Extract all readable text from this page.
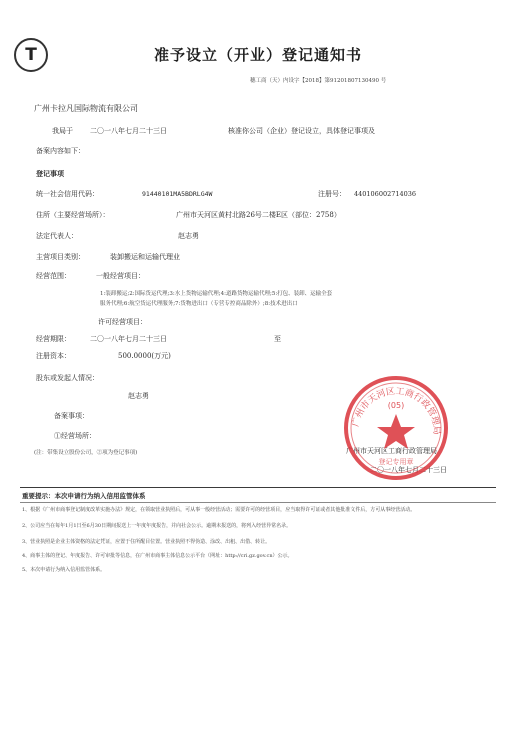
T	准予设立（开业）登记通知书
穗工商（天）内设字【2018】第91201807130490 号
广州卡拉凡国际物流有限公司
我局于 二〇一八年七月二十三日	核准你公司（企业）登记设立，具体登记事项及
备案内容如下：
登记事项
统一社会信用代码：	91440101MA5BDRLG4W	注册号： 440106002714036
住所（主要经营场所）：	广州市天河区黄村北路26号二楼E区（部位：2758）
法定代表人：	赵志勇
主营项目类别：	装卸搬运和运输代理业
经营范围：	一般经营项目：
1:装卸搬运;2:国际货运代理;3:水上货物运输代理;4:道路货物运输代理;5:打包、装卸、运输全套
服务代理;6:航空货运代理服务;7:货物进出口（专营专控商品除外）;8:技术进出口
许可经营项目：
经营期限：	二〇一八年七月二十三日	至
注册资本：	500.0000(万元)
股东或发起人情况：
赵志勇
备案事项：
①经营场所：
(注：带集设立股份公司，②项为登记事项)	广州市天河区工商行政管理局
二〇一八年七月二十三日
广州市天河区工商行政管理局
(05)
登记专用章
重要提示：本次申请行为纳入信用监管体系
1、根据《广州市商事登记制度改革实施办法》规定，在领取营业执照后，可从事一般经营活动；需要许可的经营项目，应当取得许可证或者其他批准文件后，方可从事经营活动。
2、公司应当在每年1月1日至6月30日期间报送上一年度年度报告，并向社会公示。逾期未报送的，将列入经营异常名录。
3、营业执照是企业主体资格的法定凭证，应置于住所醒目位置。营业执照不得伪造、涂改、出租、出借、转让。
4、商事主体的登记、年度报告、许可审批等信息，在广州市商事主体信息公示平台（网址：http://cri.gz.gov.cn）公示。
5、本次申请行为纳入信用监管体系。
